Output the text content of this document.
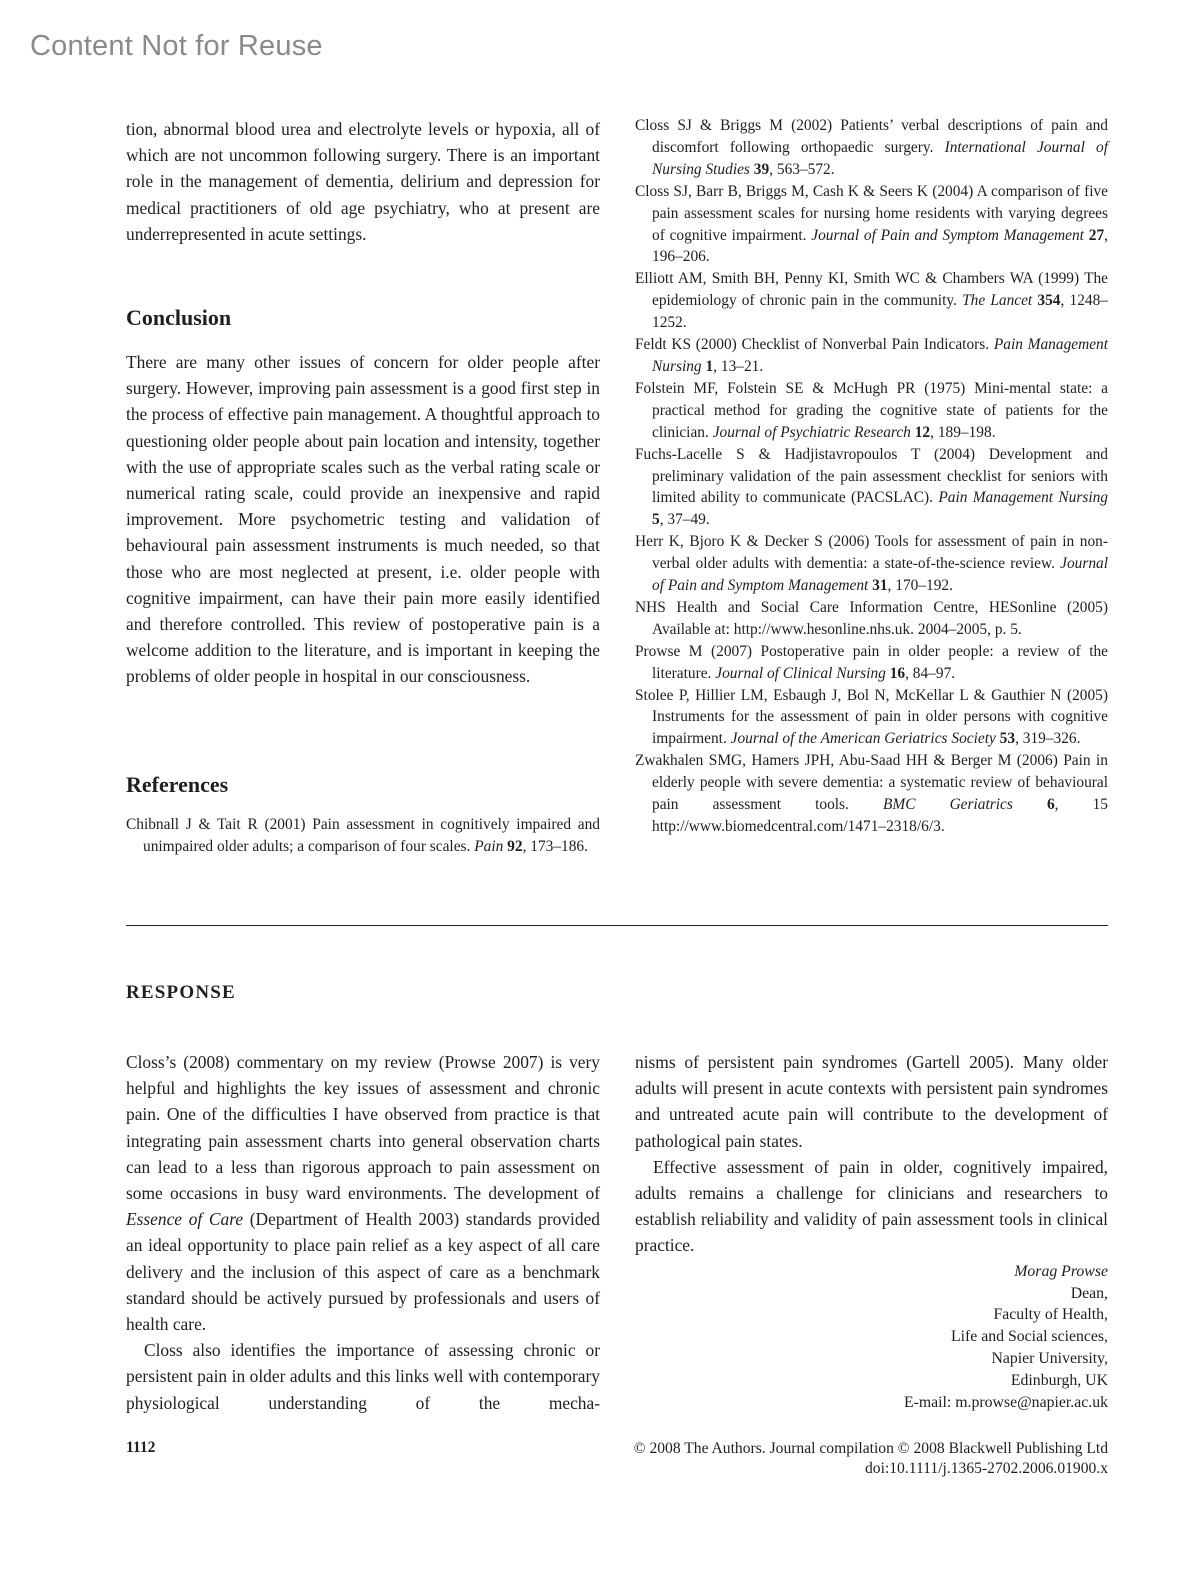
Content Not for Reuse

tion, abnormal blood urea and electrolyte levels or hypoxia, all of which are not uncommon following surgery. There is an important role in the management of dementia, delirium and depression for medical practitioners of old age psychiatry, who at present are underrepresented in acute settings.

Conclusion

There are many other issues of concern for older people after surgery. However, improving pain assessment is a good first step in the process of effective pain management. A thoughtful approach to questioning older people about pain location and intensity, together with the use of appropriate scales such as the verbal rating scale or numerical rating scale, could provide an inexpensive and rapid improvement. More psychometric testing and validation of behavioural pain assessment instruments is much needed, so that those who are most neglected at present, i.e. older people with cognitive impairment, can have their pain more easily identified and therefore controlled. This review of postoperative pain is a welcome addition to the literature, and is important in keeping the problems of older people in hospital in our consciousness.

References

Chibnall J & Tait R (2001) Pain assessment in cognitively impaired and unimpaired older adults; a comparison of four scales. Pain 92, 173–186.

Closs SJ & Briggs M (2002) Patients’ verbal descriptions of pain and discomfort following orthopaedic surgery. International Journal of Nursing Studies 39, 563–572.

Closs SJ, Barr B, Briggs M, Cash K & Seers K (2004) A comparison of five pain assessment scales for nursing home residents with varying degrees of cognitive impairment. Journal of Pain and Symptom Management 27, 196–206.

Elliott AM, Smith BH, Penny KI, Smith WC & Chambers WA (1999) The epidemiology of chronic pain in the community. The Lancet 354, 1248–1252.

Feldt KS (2000) Checklist of Nonverbal Pain Indicators. Pain Management Nursing 1, 13–21.

Folstein MF, Folstein SE & McHugh PR (1975) Mini-mental state: a practical method for grading the cognitive state of patients for the clinician. Journal of Psychiatric Research 12, 189–198.

Fuchs-Lacelle S & Hadjistavropoulos T (2004) Development and preliminary validation of the pain assessment checklist for seniors with limited ability to communicate (PACSLAC). Pain Management Nursing 5, 37–49.

Herr K, Bjoro K & Decker S (2006) Tools for assessment of pain in non-verbal older adults with dementia: a state-of-the-science review. Journal of Pain and Symptom Management 31, 170–192.

NHS Health and Social Care Information Centre, HESonline (2005) Available at: http://www.hesonline.nhs.uk. 2004–2005, p. 5.

Prowse M (2007) Postoperative pain in older people: a review of the literature. Journal of Clinical Nursing 16, 84–97.

Stolee P, Hillier LM, Esbaugh J, Bol N, McKellar L & Gauthier N (2005) Instruments for the assessment of pain in older persons with cognitive impairment. Journal of the American Geriatrics Society 53, 319–326.

Zwakhalen SMG, Hamers JPH, Abu-Saad HH & Berger M (2006) Pain in elderly people with severe dementia: a systematic review of behavioural pain assessment tools. BMC Geriatrics 6, 15 http://www.biomedcentral.com/1471–2318/6/3.

RESPONSE

Closs’s (2008) commentary on my review (Prowse 2007) is very helpful and highlights the key issues of assessment and chronic pain. One of the difficulties I have observed from practice is that integrating pain assessment charts into general observation charts can lead to a less than rigorous approach to pain assessment on some occasions in busy ward environments. The development of Essence of Care (Department of Health 2003) standards provided an ideal opportunity to place pain relief as a key aspect of all care delivery and the inclusion of this aspect of care as a benchmark standard should be actively pursued by professionals and users of health care.

Closs also identifies the importance of assessing chronic or persistent pain in older adults and this links well with contemporary physiological understanding of the mecha-

nisms of persistent pain syndromes (Gartell 2005). Many older adults will present in acute contexts with persistent pain syndromes and untreated acute pain will contribute to the development of pathological pain states.

Effective assessment of pain in older, cognitively impaired, adults remains a challenge for clinicians and researchers to establish reliability and validity of pain assessment tools in clinical practice.

Morag Prowse
Dean,
Faculty of Health,
Life and Social sciences,
Napier University,
Edinburgh, UK
E-mail: m.prowse@napier.ac.uk
1112	© 2008 The Authors. Journal compilation © 2008 Blackwell Publishing Ltd
doi:10.1111/j.1365-2702.2006.01900.x
